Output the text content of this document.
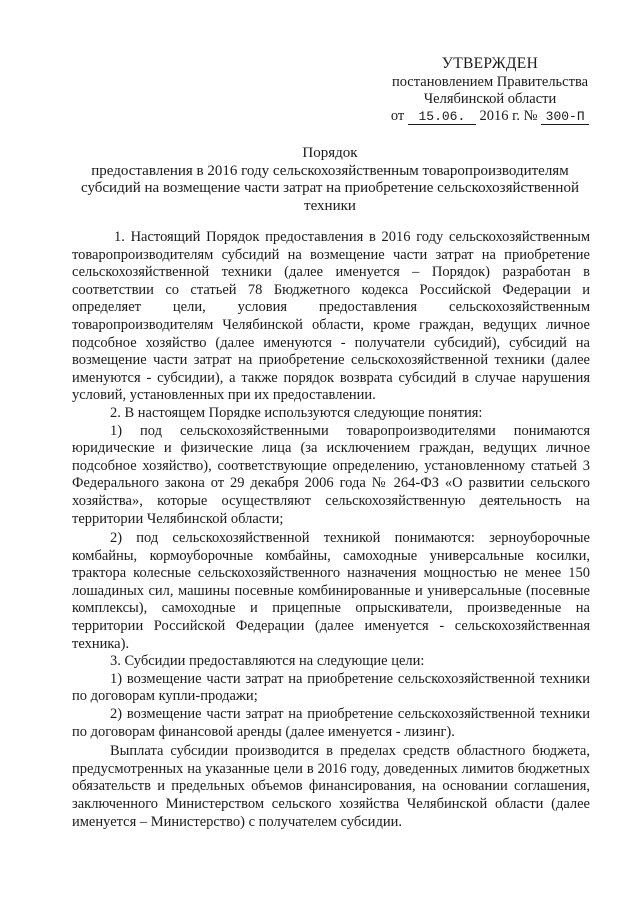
УТВЕРЖДЕН
постановлением Правительства
Челябинской области
от 15.06. 2016 г. № 300-П
Порядок
предоставления в 2016 году сельскохозяйственным товаропроизводителям субсидий на возмещение части затрат на приобретение сельскохозяйственной техники

1. Настоящий Порядок предоставления в 2016 году сельскохозяйственным товаропроизводителям субсидий на возмещение части затрат на приобретение сельскохозяйственной техники (далее именуется – Порядок) разработан в соответствии со статьей 78 Бюджетного кодекса Российской Федерации и определяет цели, условия предоставления сельскохозяйственным товаропроизводителям Челябинской области, кроме граждан, ведущих личное подсобное хозяйство (далее именуются - получатели субсидий), субсидий на возмещение части затрат на приобретение сельскохозяйственной техники (далее именуются - субсидии), а также порядок возврата субсидий в случае нарушения условий, установленных при их предоставлении.

2. В настоящем Порядке используются следующие понятия:

1) под сельскохозяйственными товаропроизводителями понимаются юридические и физические лица (за исключением граждан, ведущих личное подсобное хозяйство), соответствующие определению, установленному статьей 3 Федерального закона от 29 декабря 2006 года № 264-ФЗ «О развитии сельского хозяйства», которые осуществляют сельскохозяйственную деятельность на территории Челябинской области;

2) под сельскохозяйственной техникой понимаются: зерноуборочные комбайны, кормоуборочные комбайны, самоходные универсальные косилки, трактора колесные сельскохозяйственного назначения мощностью не менее 150 лошадиных сил, машины посевные комбинированные и универсальные (посевные комплексы), самоходные и прицепные опрыскиватели, произведенные на территории Российской Федерации (далее именуется - сельскохозяйственная техника).

3. Субсидии предоставляются на следующие цели:

1) возмещение части затрат на приобретение сельскохозяйственной техники по договорам купли-продажи;

2) возмещение части затрат на приобретение сельскохозяйственной техники по договорам финансовой аренды (далее именуется - лизинг).

Выплата субсидии производится в пределах средств областного бюджета, предусмотренных на указанные цели в 2016 году, доведенных лимитов бюджетных обязательств и предельных объемов финансирования, на основании соглашения, заключенного Министерством сельского хозяйства Челябинской области (далее именуется – Министерство) с получателем субсидии.
